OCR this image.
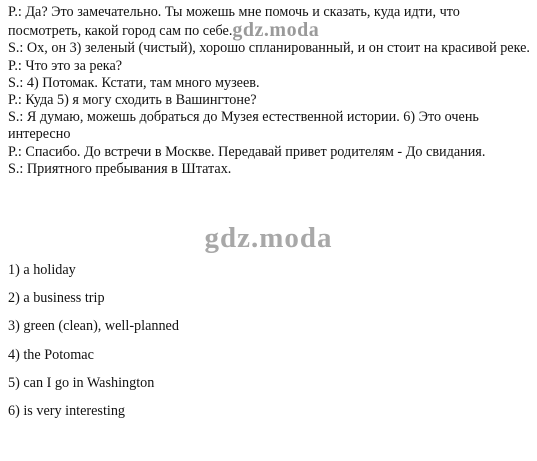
P.: Да? Это замечательно. Ты можешь мне помочь и сказать, куда идти, что посмотреть, какой город сам по себе.gdz.moda
S.: Ох, он 3) зеленый (чистый), хорошо спланированный, и он стоит на красивой реке.
P.: Что это за река?
S.: 4) Потомак. Кстати, там много музеев.
P.: Куда 5) я могу сходить в Вашингтоне?
S.: Я думаю, можешь добраться до Музея естественной истории. 6) Это очень интересно
P.: Спасибо. До встречи в Москве. Передавай привет родителям - До свидания.
S.: Приятного пребывания в Штатах.
gdz.moda
1) a holiday
2) a business trip
3) green (clean), well-planned
4) the Potomac
5) can I go in Washington
6) is very interesting
